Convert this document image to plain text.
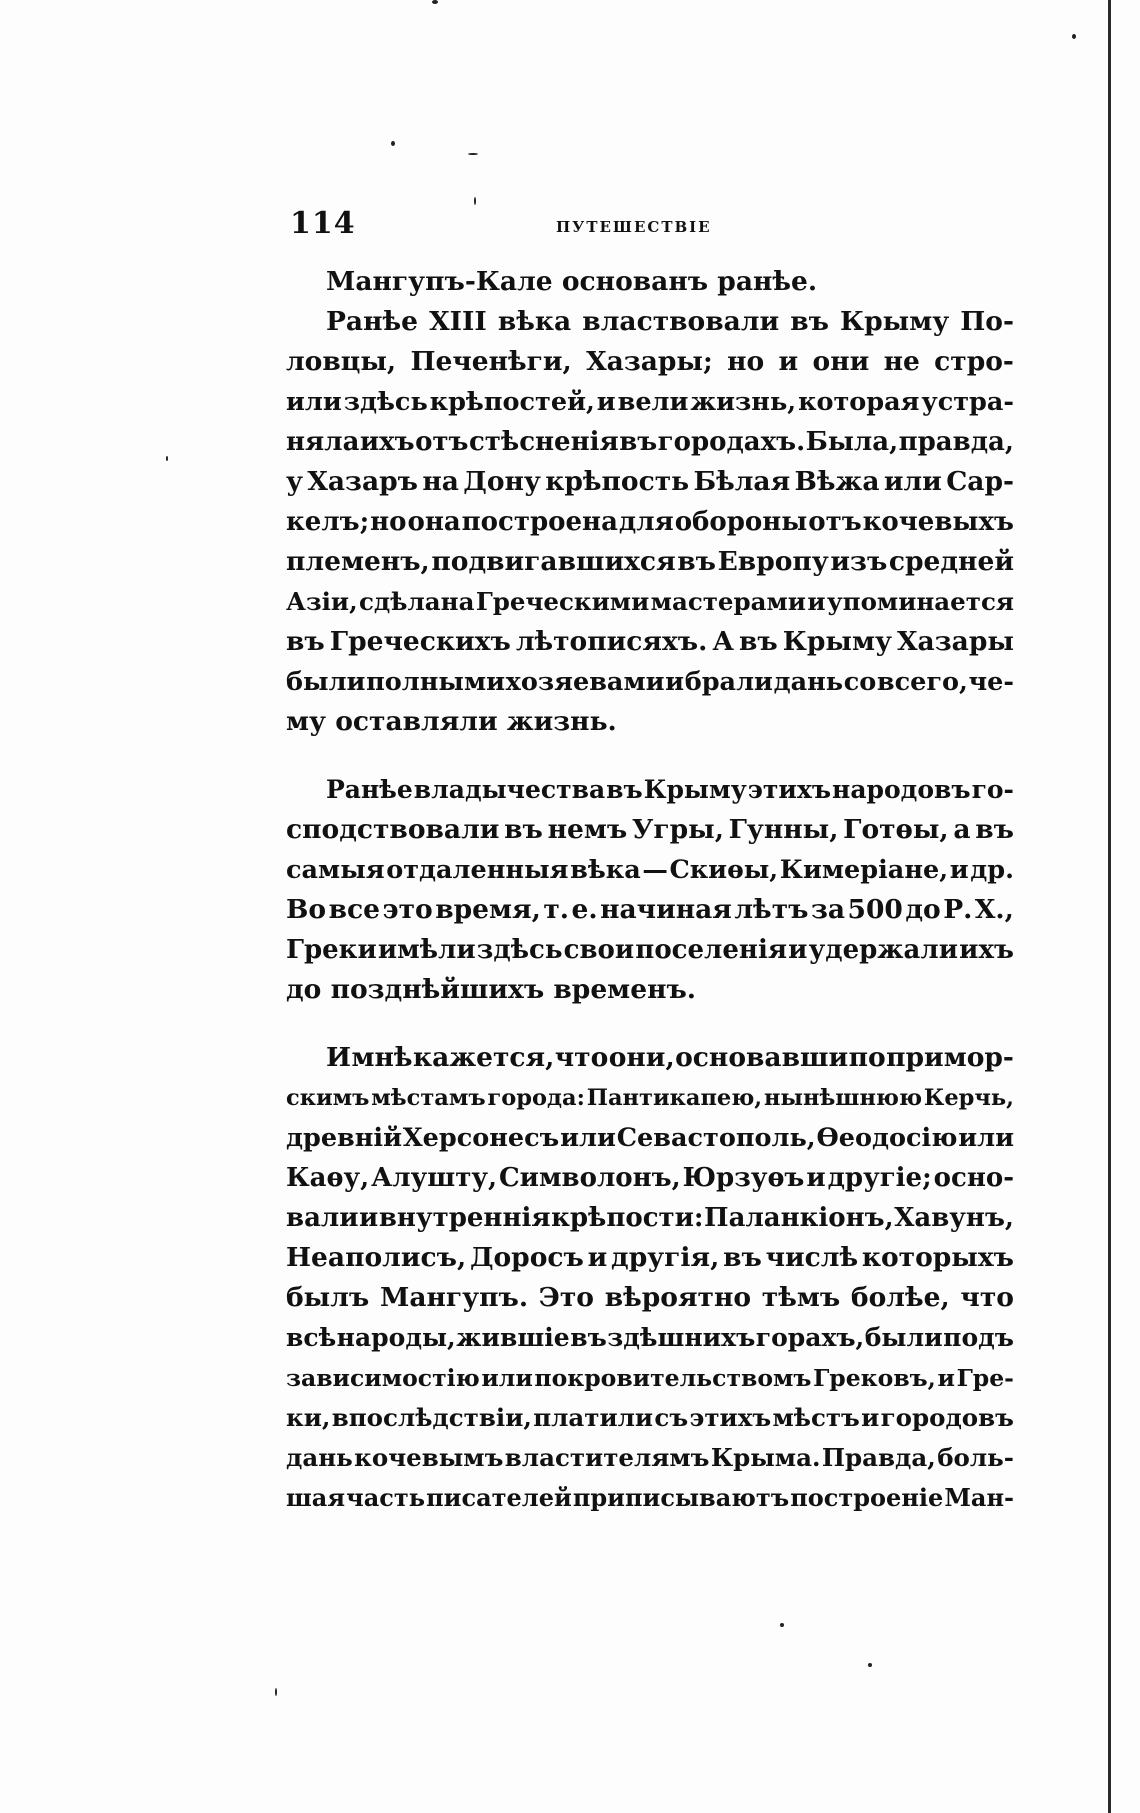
114	ПУТЕШЕСТВІЕ
Мангупъ-Кале основанъ ранѣе.
Ранѣе XIII вѣка властвовали въ Крыму По-
ловцы, Печенѣги, Хазары; но и они не стро-
или здѣсь крѣпостей, и вели жизнь, которая устра-
няла ихъ отъ стѣсненія въ городахъ. Была, правда,
у Хазаръ на Дону крѣпость Бѣлая Вѣжа или Сар-
келъ; но она построена для обороны отъ кочевыхъ
племенъ, подвигавшихся въ Европу изъ средней
Азіи, сдѣлана Греческими мастерами и упоминается
въ Греческихъ лѣтописяхъ. А въ Крыму Хазары
были полными хозяевами и брали дань со всего, че-
му оставляли жизнь.
Ранѣе владычества въ Крыму этихъ народовъ го-
сподствовали въ немъ Угры, Гунны, Готѳы, а въ
самыя отдаленныя вѣка — Скиѳы, Кимеріане, и др.
Во все это время, т. е. начиная лѣтъ за 500 до Р. Х.,
Греки имѣли здѣсь свои поселенія и удержали ихъ
до позднѣйшихъ временъ.
И мнѣ кажется, что они, основавши по примор-
скимъ мѣстамъ города: Пантикапею, нынѣшнюю Керчь,
древній Херсонесъ или Севастополь, Ѳеодосію или
Каѳу, Алушту, Символонъ, Юрзуѳъ и другіе; осно-
вали и внутреннія крѣпости: Паланкіонъ, Хавунъ,
Неаполисъ, Доросъ и другія, въ числѣ которыхъ
былъ Мангупъ. Это вѣроятно тѣмъ болѣе, что
всѣ народы, жившіе въ здѣшнихъ горахъ, были подъ
зависимостію или покровительствомъ Грековъ, и Гре-
ки, впослѣдствіи, платили съ этихъ мѣстъ и городовъ
дань кочевымъ властителямъ Крыма. Правда, боль-
шая часть писателей приписываютъ построеніе Ман-
